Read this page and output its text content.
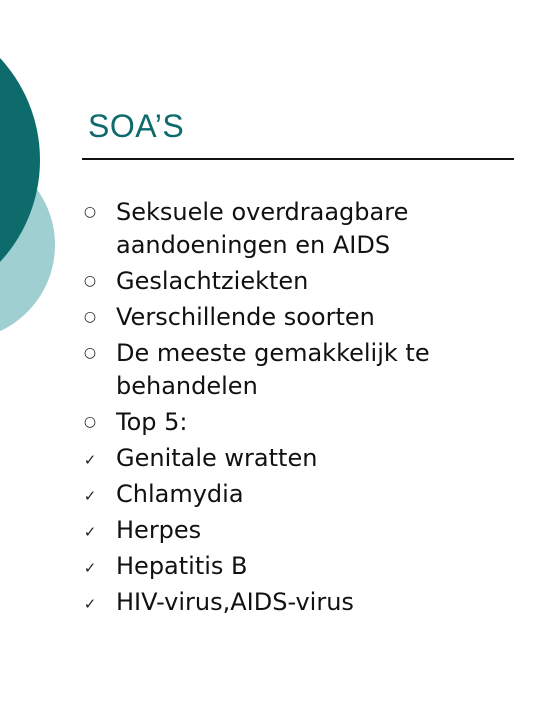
SOA’S
○ Seksuele overdraagbare aandoeningen en AIDS
○ Geslachtziekten
○ Verschillende soorten
○ De meeste gemakkelijk te behandelen
○ Top 5:
✓ Genitale wratten
✓ Chlamydia
✓ Herpes
✓ Hepatitis B
✓ HIV-virus,AIDS-virus
